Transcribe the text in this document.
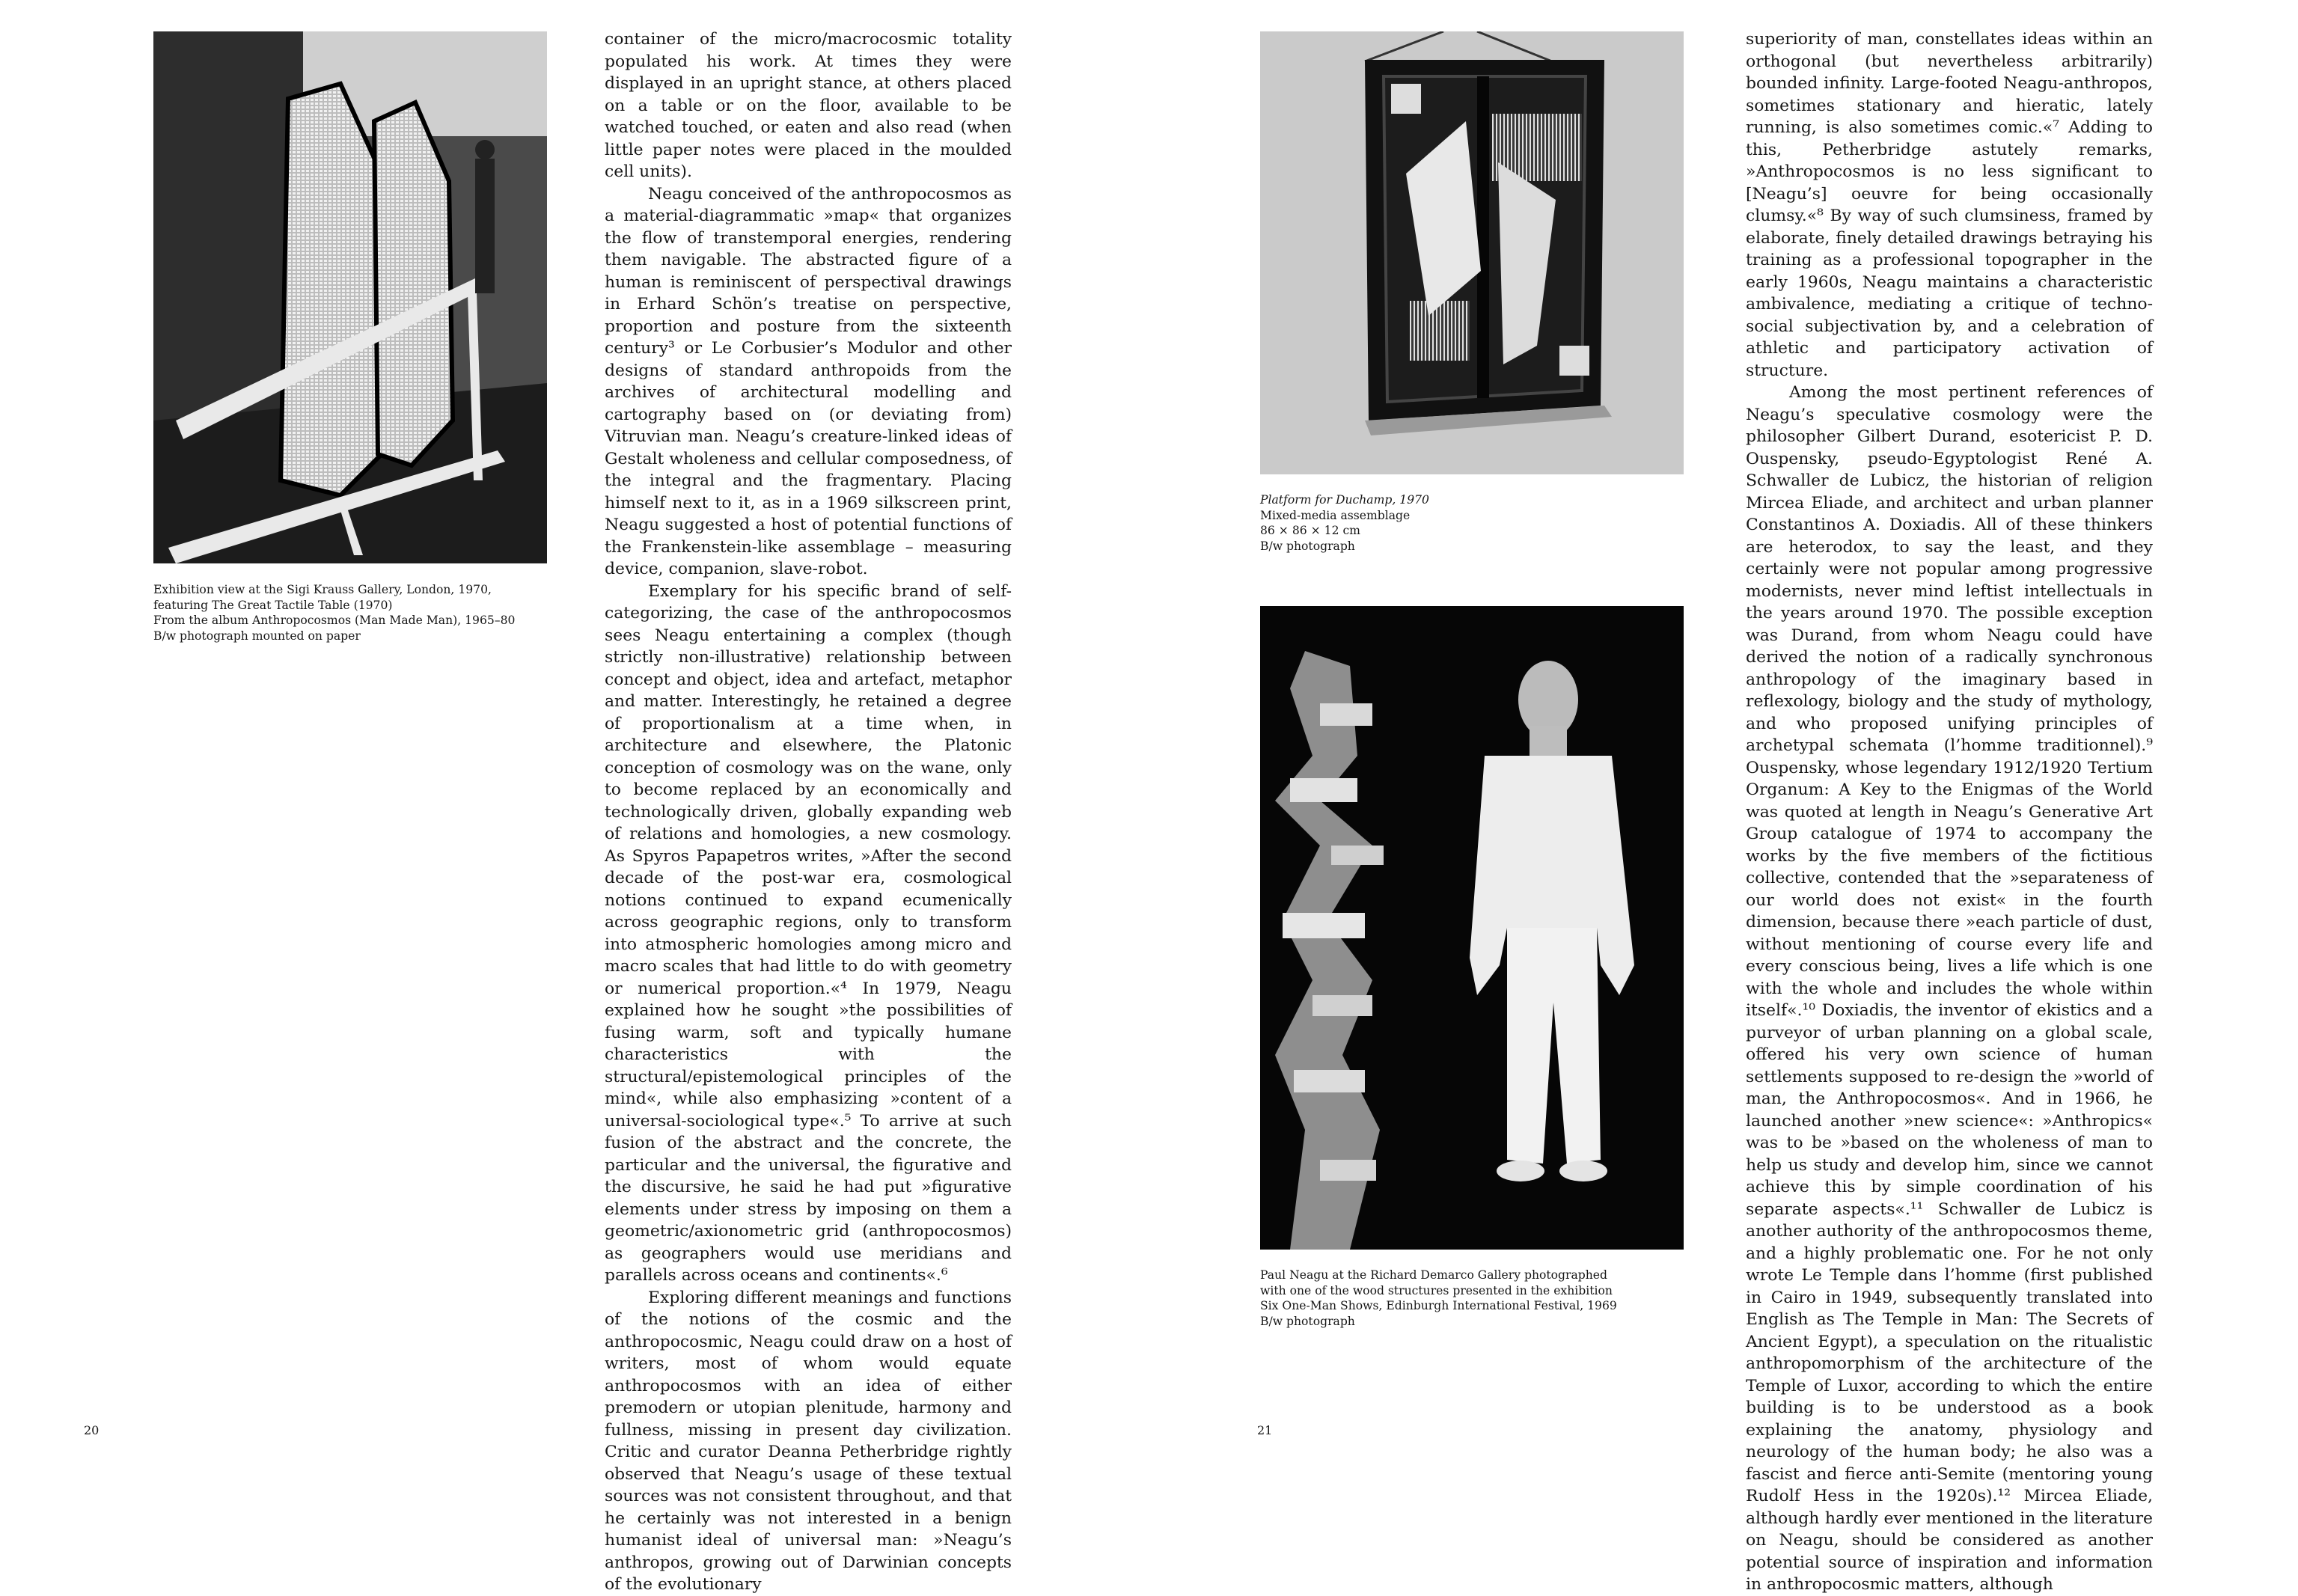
Exhibition view at the Sigi Krauss Gallery, London, 1970,
featuring The Great Tactile Table (1970)
From the album Anthropocosmos (Man Made Man), 1965–80
B/w photograph mounted on paper

container of the micro/macrocosmic totality populated his work. At times they were displayed in an upright stance, at others placed on a table or on the floor, available to be watched touched, or eaten and also read (when little paper notes were placed in the moulded cell units).

Neagu conceived of the anthropocosmos as a material-diagrammatic »map« that organizes the flow of transtemporal energies, rendering them navigable. The abstracted figure of a human is reminiscent of perspectival drawings in Erhard Schön’s treatise on perspective, proportion and posture from the sixteenth century³ or Le Corbusier’s Modulor and other designs of standard anthropoids from the archives of architectural modelling and cartography based on (or deviating from) Vitruvian man. Neagu’s creature-linked ideas of Gestalt wholeness and cellular composedness, of the integral and the fragmentary. Placing himself next to it, as in a 1969 silkscreen print, Neagu suggested a host of potential functions of the Frankenstein-like assemblage – measuring device, companion, slave-robot.

Exemplary for his specific brand of self-categorizing, the case of the anthropocosmos sees Neagu entertaining a complex (though strictly non-illustrative) relationship between concept and object, idea and artefact, metaphor and matter. Interestingly, he retained a degree of proportionalism at a time when, in architecture and elsewhere, the Platonic conception of cosmology was on the wane, only to become replaced by an economically and technologically driven, globally expanding web of relations and homologies, a new cosmology. As Spyros Papapetros writes, »After the second decade of the post-war era, cosmological notions continued to expand ecumenically across geographic regions, only to transform into atmospheric homologies among micro and macro scales that had little to do with geometry or numerical proportion.«⁴ In 1979, Neagu explained how he sought »the possibilities of fusing warm, soft and typically humane characteristics with the structural/epistemological principles of the mind«, while also emphasizing »content of a universal-sociological type«.⁵ To arrive at such fusion of the abstract and the concrete, the particular and the universal, the figurative and the discursive, he said he had put »figurative elements under stress by imposing on them a geometric/axionometric grid (anthropocosmos) as geographers would use meridians and parallels across oceans and continents«.⁶

Exploring different meanings and functions of the notions of the cosmic and the anthropocosmic, Neagu could draw on a host of writers, most of whom would equate anthropocosmos with an idea of either premodern or utopian plenitude, harmony and fullness, missing in present day civilization. Critic and curator Deanna Petherbridge rightly observed that Neagu’s usage of these textual sources was not consistent throughout, and that he certainly was not interested in a benign humanist ideal of universal man: »Neagu’s anthropos, growing out of Darwinian concepts of the evolutionary

20
Platform for Duchamp, 1970
Mixed-media assemblage
86 × 86 × 12 cm
B/w photograph
Paul Neagu at the Richard Demarco Gallery photographed
with one of the wood structures presented in the exhibition
Six One-Man Shows, Edinburgh International Festival, 1969
B/w photograph

superiority of man, constellates ideas within an orthogonal (but nevertheless arbitrarily) bounded infinity. Large-footed Neagu-anthropos, sometimes stationary and hieratic, lately running, is also sometimes comic.«⁷ Adding to this, Petherbridge astutely remarks, »Anthropocosmos is no less significant to [Neagu’s] oeuvre for being occasionally clumsy.«⁸ By way of such clumsiness, framed by elaborate, finely detailed drawings betraying his training as a professional topographer in the early 1960s, Neagu maintains a characteristic ambivalence, mediating a critique of techno-social subjectivation by, and a celebration of athletic and participatory activation of structure.

Among the most pertinent references of Neagu’s speculative cosmology were the philosopher Gilbert Durand, esotericist P. D. Ouspensky, pseudo-Egyptologist René A. Schwaller de Lubicz, the historian of religion Mircea Eliade, and architect and urban planner Constantinos A. Doxiadis. All of these thinkers are heterodox, to say the least, and they certainly were not popular among progressive modernists, never mind leftist intellectuals in the years around 1970. The possible exception was Durand, from whom Neagu could have derived the notion of a radically synchronous anthropology of the imaginary based in reflexology, biology and the study of mythology, and who proposed unifying principles of archetypal schemata (l’homme traditionnel).⁹ Ouspensky, whose legendary 1912/1920 Tertium Organum: A Key to the Enigmas of the World was quoted at length in Neagu’s Generative Art Group catalogue of 1974 to accompany the works by the five members of the fictitious collective, contended that the »separateness of our world does not exist« in the fourth dimension, because there »each particle of dust, without mentioning of course every life and every conscious being, lives a life which is one with the whole and includes the whole within itself«.¹⁰ Doxiadis, the inventor of ekistics and a purveyor of urban planning on a global scale, offered his very own science of human settlements supposed to re-design the »world of man, the Anthropocosmos«. And in 1966, he launched another »new science«: »Anthropics« was to be »based on the wholeness of man to help us study and develop him, since we cannot achieve this by simple coordination of his separate aspects«.¹¹ Schwaller de Lubicz is another authority of the anthropocosmos theme, and a highly problematic one. For he not only wrote Le Temple dans l’homme (first published in Cairo in 1949, subsequently translated into English as The Temple in Man: The Secrets of Ancient Egypt), a speculation on the ritualistic anthropomorphism of the architecture of the Temple of Luxor, according to which the entire building is to be understood as a book explaining the anatomy, physiology and neurology of the human body; he also was a fascist and fierce anti-Semite (mentoring young Rudolf Hess in the 1920s).¹² Mircea Eliade, although hardly ever mentioned in the literature on Neagu, should be considered as another potential source of inspiration and information in anthropocosmic matters, although

21
